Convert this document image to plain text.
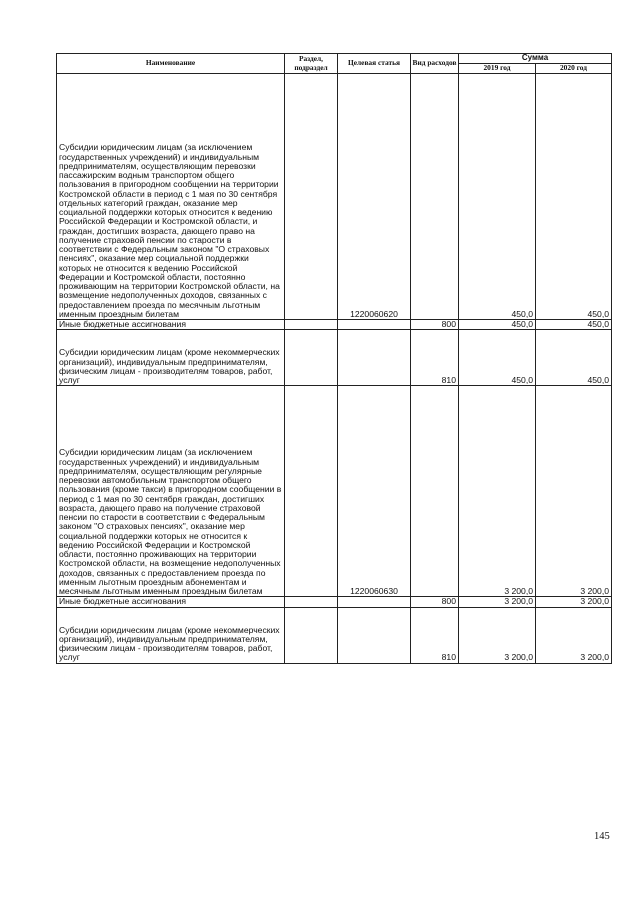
Наименование	Раздел, подраздел	Целевая статья	Вид расходов	Сумма	
				2019 год	2020 год
Субсидии юридическим лицам (за исключением государственных учреждений) и индивидуальным предпринимателям, осуществляющим перевозки пассажирским водным транспортом общего пользования в пригородном сообщении на территории Костромской области в период с 1 мая по 30 сентября отдельных категорий граждан, оказание мер социальной поддержки которых относится к ведению Российской Федерации и Костромской области, и граждан, достигших возраста, дающего право на получение страховой пенсии по старости в соответствии с Федеральным законом "О страховых пенсиях", оказание мер социальной поддержки которых не относится к ведению Российской Федерации и Костромской области, постоянно проживающим на территории Костромской области, на возмещение недополученных доходов, связанных с предоставлением проезда по месячным льготным именным проездным билетам		1220060620		450,0	450,0
Иные бюджетные ассигнования			800	450,0	450,0
Субсидии юридическим лицам (кроме некоммерческих организаций), индивидуальным предпринимателям, физическим лицам - производителям товаров, работ, услуг			810	450,0	450,0
Субсидии юридическим лицам (за исключением государственных учреждений) и индивидуальным предпринимателям, осуществляющим регулярные перевозки автомобильным транспортом общего пользования (кроме такси) в пригородном сообщении в период с 1 мая по 30 сентября граждан, достигших возраста, дающего право на получение страховой пенсии по старости в соответствии с Федеральным законом "О страховых пенсиях", оказание мер социальной поддержки которых не относится к ведению Российской Федерации и Костромской области, постоянно проживающих на территории Костромской области, на возмещение недополученных доходов, связанных с предоставлением проезда по именным льготным проездным абонементам и месячным льготным именным проездным билетам		1220060630		3 200,0	3 200,0
Иные бюджетные ассигнования			800	3 200,0	3 200,0
Субсидии юридическим лицам (кроме некоммерческих организаций), индивидуальным предпринимателям, физическим лицам - производителям товаров, работ, услуг			810	3 200,0	3 200,0
145
